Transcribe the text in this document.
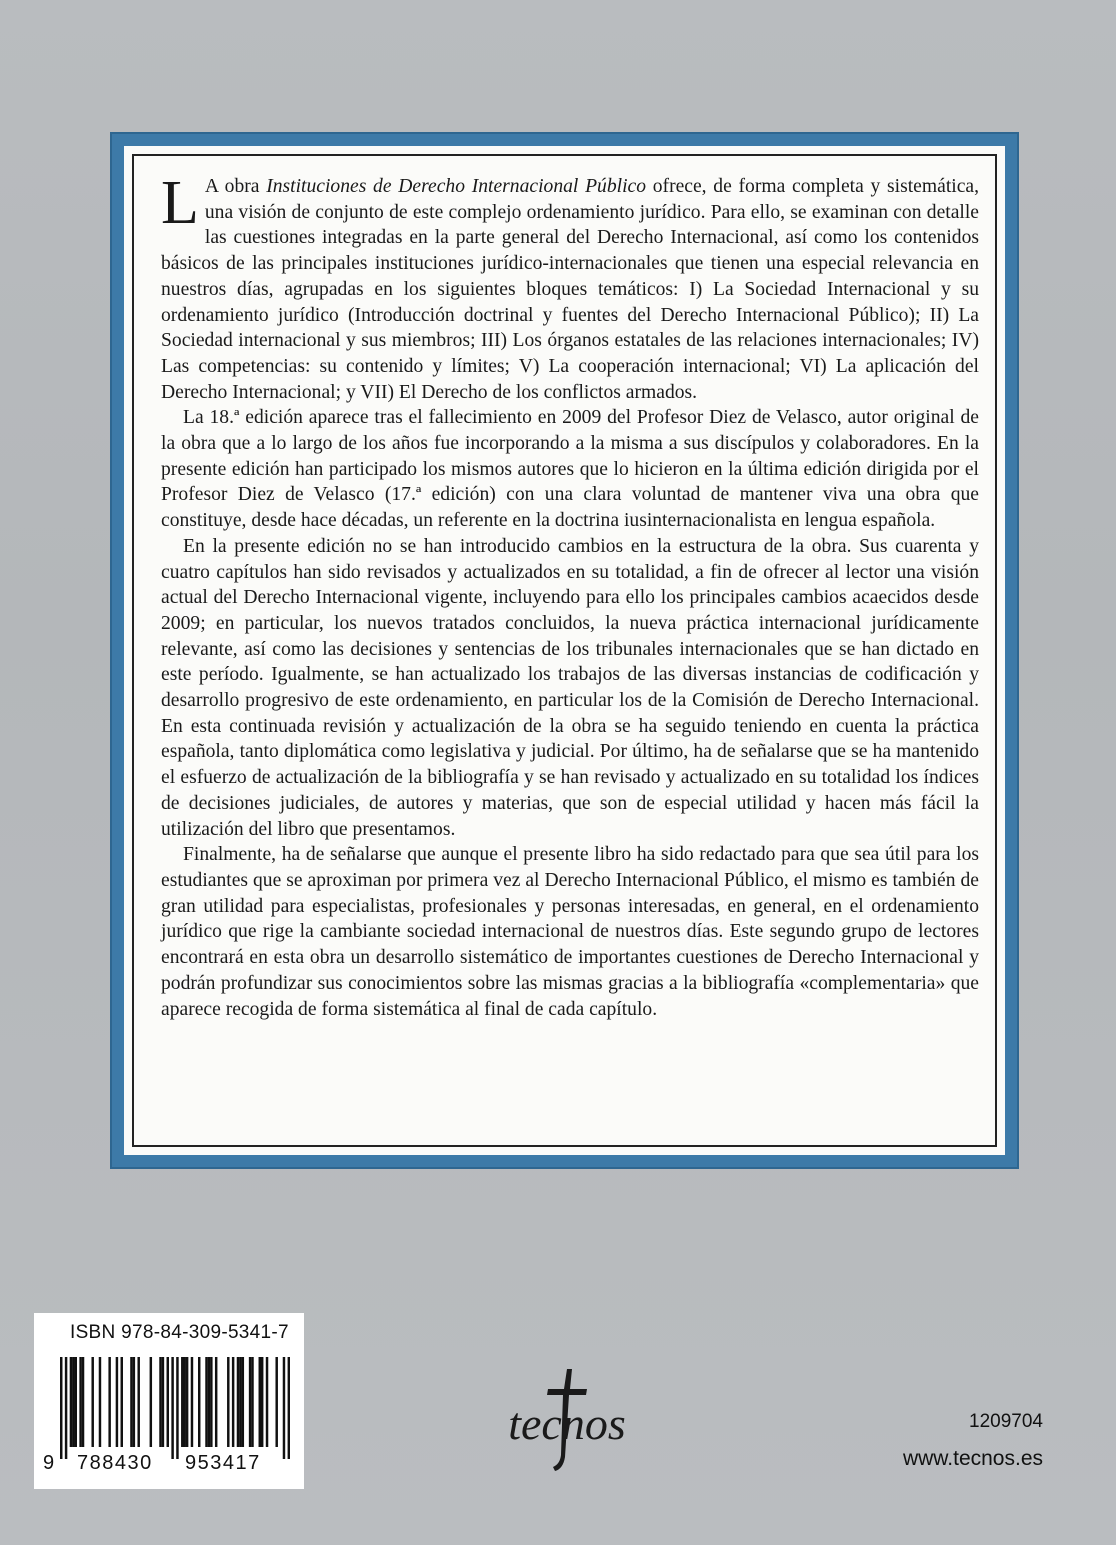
L A obra Instituciones de Derecho Internacional Público ofrece, de forma completa y sistemática, una visión de conjunto de este complejo ordenamiento jurídico. Para ello, se examinan con detalle las cuestiones integradas en la parte general del Derecho Internacional, así como los contenidos básicos de las principales instituciones jurídico-internacionales que tienen una especial relevancia en nuestros días, agrupadas en los siguientes bloques temáticos: I) La Sociedad Internacional y su ordenamiento jurídico (Introducción doctrinal y fuentes del Derecho Internacional Público); II) La Sociedad internacional y sus miembros; III) Los órganos estatales de las relaciones internacionales; IV) Las competencias: su contenido y límites; V) La cooperación internacional; VI) La aplicación del Derecho Internacional; y VII) El Derecho de los conflictos armados.

La 18.ª edición aparece tras el fallecimiento en 2009 del Profesor Diez de Velasco, autor original de la obra que a lo largo de los años fue incorporando a la misma a sus discípulos y colaboradores. En la presente edición han participado los mismos autores que lo hicieron en la última edición dirigida por el Profesor Diez de Velasco (17.ª edición) con una clara voluntad de mantener viva una obra que constituye, desde hace décadas, un referente en la doctrina iusinternacionalista en lengua española.

En la presente edición no se han introducido cambios en la estructura de la obra. Sus cuarenta y cuatro capítulos han sido revisados y actualizados en su totalidad, a fin de ofrecer al lector una visión actual del Derecho Internacional vigente, incluyendo para ello los principales cambios acaecidos desde 2009; en particular, los nuevos tratados concluidos, la nueva práctica internacional jurídicamente relevante, así como las decisiones y sentencias de los tribunales internacionales que se han dictado en este período. Igualmente, se han actualizado los trabajos de las diversas instancias de codificación y desarrollo progresivo de este ordenamiento, en particular los de la Comisión de Derecho Internacional. En esta continuada revisión y actualización de la obra se ha seguido teniendo en cuenta la práctica española, tanto diplomática como legislativa y judicial. Por último, ha de señalarse que se ha mantenido el esfuerzo de actualización de la bibliografía y se han revisado y actualizado en su totalidad los índices de decisiones judiciales, de autores y materias, que son de especial utilidad y hacen más fácil la utilización del libro que presentamos.

Finalmente, ha de señalarse que aunque el presente libro ha sido redactado para que sea útil para los estudiantes que se aproximan por primera vez al Derecho Internacional Público, el mismo es también de gran utilidad para especialistas, profesionales y personas interesadas, en general, en el ordenamiento jurídico que rige la cambiante sociedad internacional de nuestros días. Este segundo grupo de lectores encontrará en esta obra un desarrollo sistemático de importantes cuestiones de Derecho Internacional y podrán profundizar sus conocimientos sobre las mismas gracias a la bibliografía «complementaria» que aparece recogida de forma sistemática al final de cada capítulo.

ISBN 978-84-309-5341-7
9 788430 953417
tecnos	1209704
www.tecnos.es
